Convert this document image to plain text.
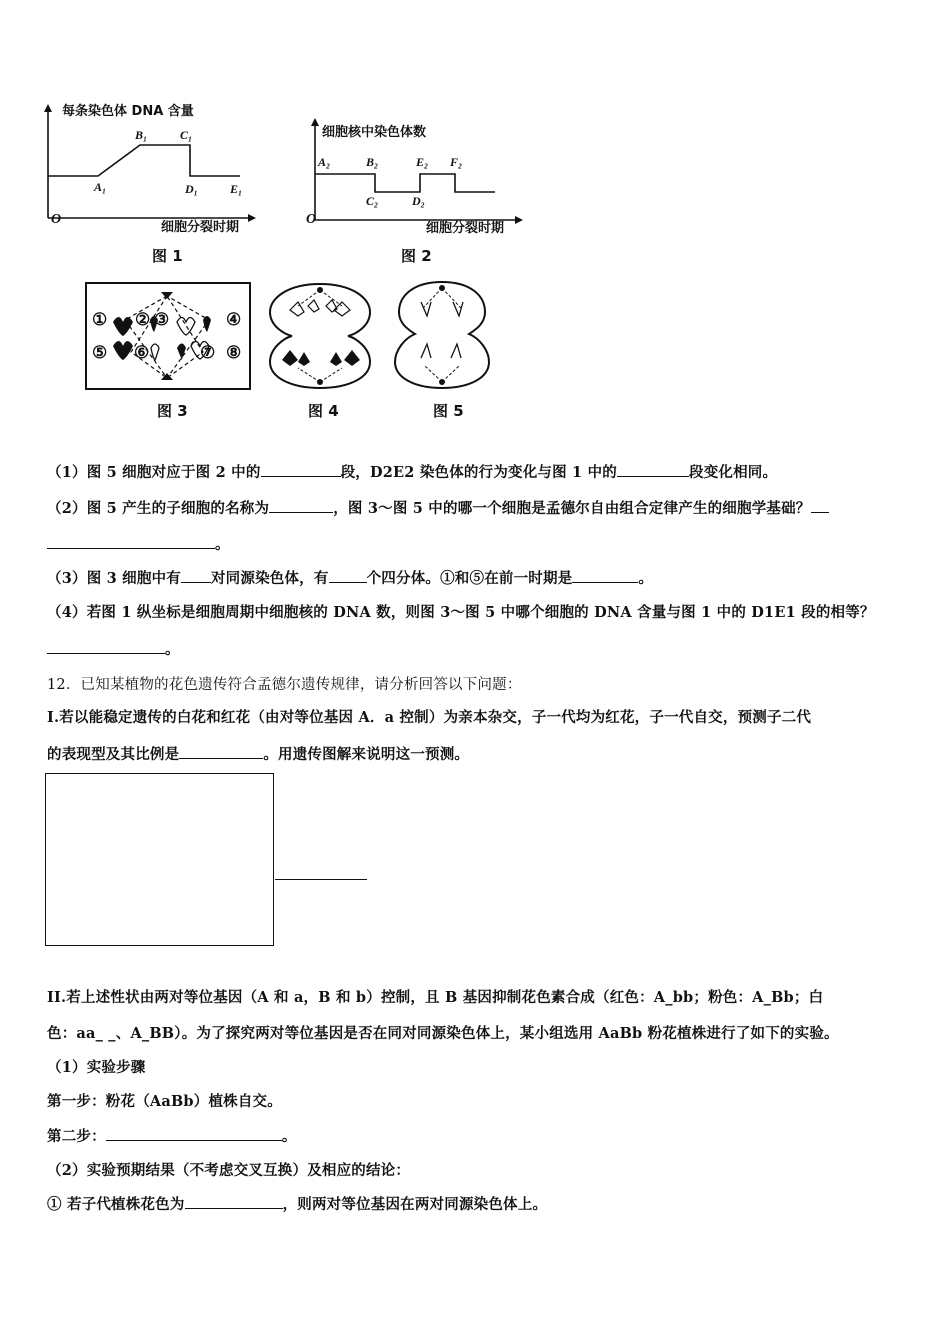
每条染色体 DNA 含量
O
A₁
B₁	C₁
D₁	E₁
细胞分裂时期
图 1
细胞核中染色体数
O
A₂	B₂
C₂	D₂
E₂ F₂
细胞分裂时期
图 2
① ② ③	④
⑤ ⑥	⑦ ⑧
图 3	图 4	图 5
（1）图 5 细胞对应于图 2 中的	段，D2E2 染色体的行为变化与图 1 中的	段变化相同。
（2）图 5 产生的子细胞的名称为	，图 3～图 5 中的哪一个细胞是孟德尔自由组合定律产生的细胞学基础？
。
（3）图 3 细胞中有 对同源染色体，有	个四分体。①和⑤在前一时期是	。
（4）若图 1 纵坐标是细胞周期中细胞核的 DNA 数，则图 3～图 5 中哪个细胞的 DNA 含量与图 1 中的 D1E1 段的相等？
。
12．已知某植物的花色遗传符合孟德尔遗传规律，请分析回答以下问题：
I.若以能稳定遗传的白花和红花（由对等位基因 A．a 控制）为亲本杂交，子一代均为红花，子一代自交，预测子二代
的表现型及其比例是	。用遗传图解来说明这一预测。
II.若上述性状由两对等位基因（A 和 a，B 和 b）控制，且 B 基因抑制花色素合成（红色：A_bb；粉色：A_Bb；白
色：aa_ _、A_BB）。为了探究两对等位基因是否在同对同源染色体上，某小组选用 AaBb 粉花植株进行了如下的实验。
（1）实验步骤
第一步：粉花（AaBb）植株自交。
第二步：	。
（2）实验预期结果（不考虑交叉互换）及相应的结论：
① 若子代植株花色为	，则两对等位基因在两对同源染色体上。
